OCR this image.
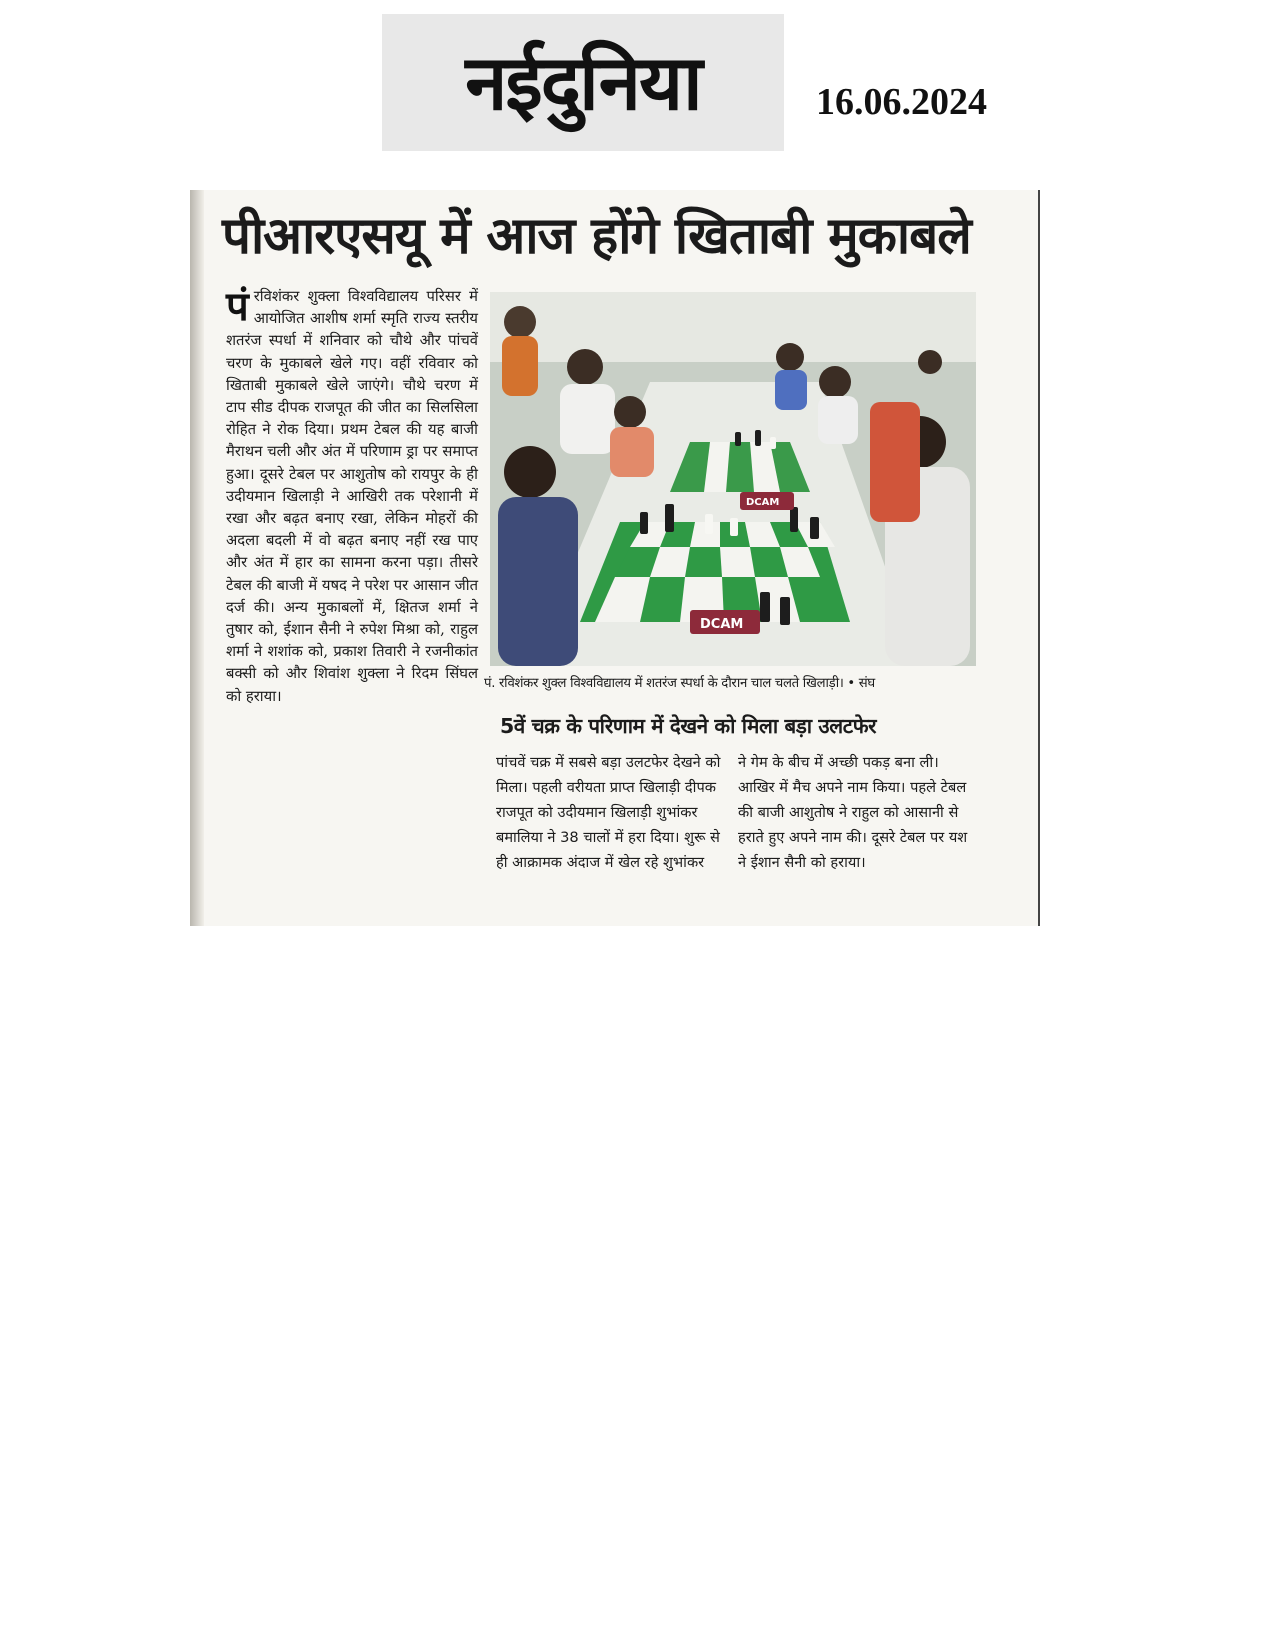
नईदुनिया	16.06.2024
पीआरएसयू में आज होंगे खिताबी मुकाबले
पंरविशंकर शुक्ला विश्वविद्यालय परिसर में आयोजित आशीष शर्मा स्मृति राज्य स्तरीय शतरंज स्पर्धा में शनिवार को चौथे और पांचवें चरण के मुकाबले खेले गए। वहीं रविवार को खिताबी मुकाबले खेले जाएंगे। चौथे चरण में टाप सीड दीपक राजपूत की जीत का सिलसिला रोहित ने रोक दिया। प्रथम टेबल की यह बाजी मैराथन चली और अंत में परिणाम ड्रा पर समाप्त हुआ। दूसरे टेबल पर आशुतोष को रायपुर के ही उदीयमान खिलाड़ी ने आखिरी तक परेशानी में रखा और बढ़त बनाए रखा, लेकिन मोहरों की अदला बदली में वो बढ़त बनाए नहीं रख पाए और अंत में हार का सामना करना पड़ा। तीसरे टेबल की बाजी में यषद ने परेश पर आसान जीत दर्ज की। अन्य मुकाबलों में, क्षितज शर्मा ने तुषार को, ईशान सैनी ने रुपेश मिश्रा को, राहुल शर्मा ने शशांक को, प्रकाश तिवारी ने रजनीकांत बक्सी को और शिवांश शुक्ला ने रिदम सिंघल को हराया।
DCAM
DCAM
पं. रविशंकर शुक्ल विश्वविद्यालय में शतरंज स्पर्धा के दौरान चाल चलते खिलाड़ी। • संघ
5वें चक्र के परिणाम में देखने को मिला बड़ा उलटफेर
पांचवें चक्र में सबसे बड़ा उलटफेर देखने को मिला। पहली वरीयता प्राप्त खिलाड़ी दीपक राजपूत को उदीयमान खिलाड़ी शुभांकर बमालिया ने 38 चालों में हरा दिया। शुरू से ही आक्रामक अंदाज में खेल रहे शुभांकर
ने गेम के बीच में अच्छी पकड़ बना ली। आखिर में मैच अपने नाम किया। पहले टेबल की बाजी आशुतोष ने राहुल को आसानी से हराते हुए अपने नाम की। दूसरे टेबल पर यश ने ईशान सैनी को हराया।
